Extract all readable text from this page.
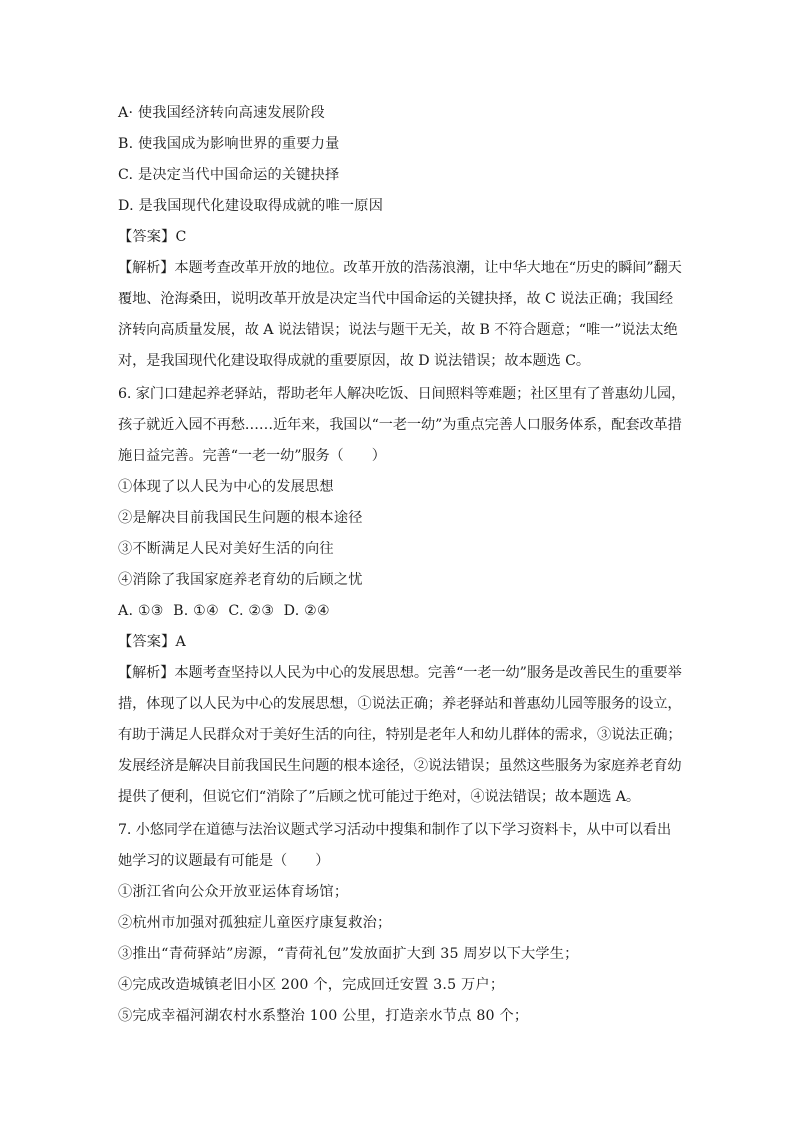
A· 使我国经济转向高速发展阶段
B. 使我国成为影响世界的重要力量
C. 是决定当代中国命运的关键抉择
D. 是我国现代化建设取得成就的唯一原因
【答案】C
【解析】本题考查改革开放的地位。改革开放的浩荡浪潮，让中华大地在“历史的瞬间”翻天
覆地、沧海桑田，说明改革开放是决定当代中国命运的关键抉择，故 C 说法正确；我国经
济转向高质量发展，故 A 说法错误；说法与题干无关，故 B 不符合题意；“唯一”说法太绝
对，是我国现代化建设取得成就的重要原因，故 D 说法错误；故本题选 C。
6. 家门口建起养老驿站，帮助老年人解决吃饭、日间照料等难题；社区里有了普惠幼儿园，
孩子就近入园不再愁……近年来，我国以“一老一幼”为重点完善人口服务体系，配套改革措
施日益完善。完善“一老一幼”服务（　　）
①体现了以人民为中心的发展思想
②是解决目前我国民生问题的根本途径
③不断满足人民对美好生活的向往
④消除了我国家庭养老育幼的后顾之忧
A. ①③  B. ①④  C. ②③  D. ②④
【答案】A
【解析】本题考查坚持以人民为中心的发展思想。完善“一老一幼”服务是改善民生的重要举
措，体现了以人民为中心的发展思想，①说法正确；养老驿站和普惠幼儿园等服务的设立，
有助于满足人民群众对于美好生活的向往，特别是老年人和幼儿群体的需求，③说法正确；
发展经济是解决目前我国民生问题的根本途径，②说法错误；虽然这些服务为家庭养老育幼
提供了便利，但说它们“消除了”后顾之忧可能过于绝对，④说法错误；故本题选 A。
7. 小悠同学在道德与法治议题式学习活动中搜集和制作了以下学习资料卡，从中可以看出
她学习的议题最有可能是（　　）
①浙江省向公众开放亚运体育场馆；
②杭州市加强对孤独症儿童医疗康复救治；
③推出“青荷驿站”房源，“青荷礼包”发放面扩大到 35 周岁以下大学生；
④完成改造城镇老旧小区 200 个，完成回迁安置 3.5 万户；
⑤完成幸福河湖农村水系整治 100 公里，打造亲水节点 80 个；
